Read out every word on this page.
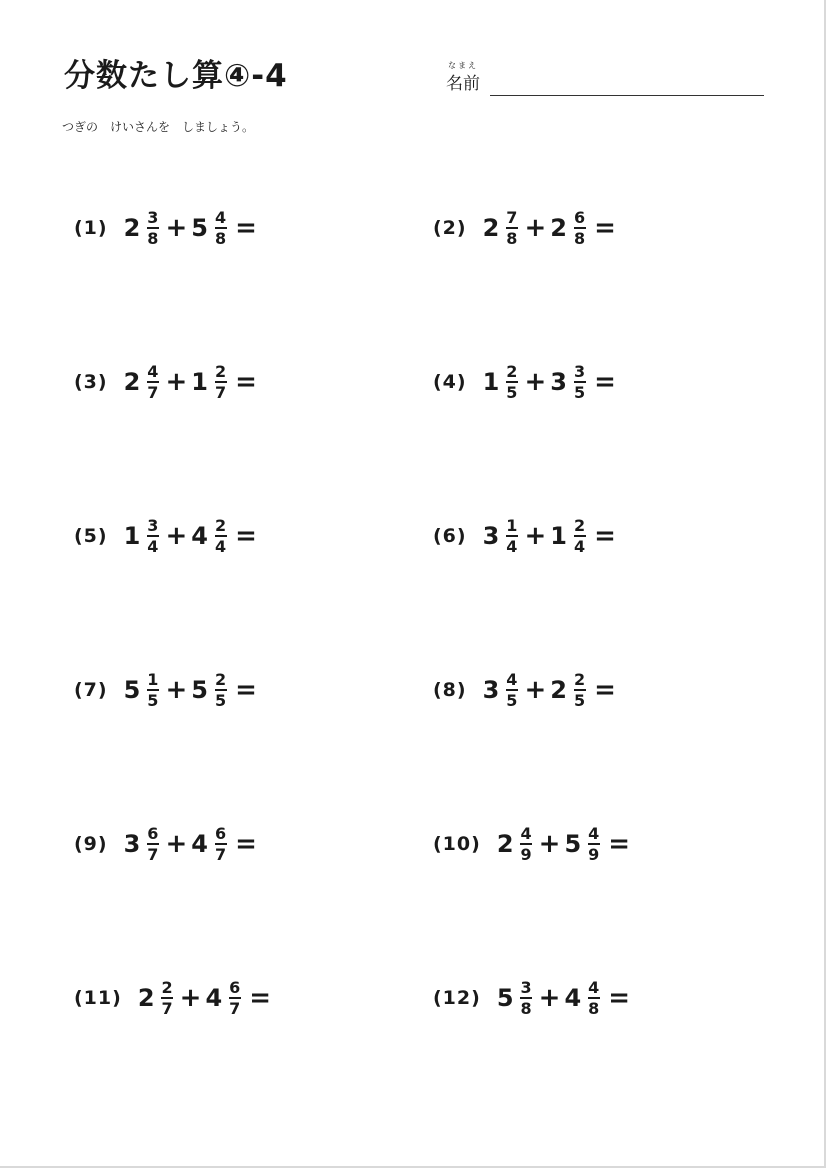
分数たし算④-4	なまえ
名前
つぎの　けいさんを　しましょう。
(1) $2 \frac{3}{8} + 5 \frac{4}{8}$ =	(2) $2 \frac{7}{8} + 2 \frac{6}{8}$ =
(3) $2 \frac{4}{7} + 1 \frac{2}{7}$ =	(4) $1 \frac{2}{5} + 3 \frac{3}{5}$ =
(5) $1 \frac{3}{4} + 4 \frac{2}{4}$ =	(6) $3 \frac{1}{4} + 1 \frac{2}{4}$ =
(7) $5 \frac{1}{5} + 5 \frac{2}{5}$ =	(8) $3 \frac{4}{5} + 2 \frac{2}{5}$ =
(9) $3 \frac{6}{7} + 4 \frac{6}{7}$ =	(10) $2 \frac{4}{9} + 5 \frac{4}{9}$ =
(11) $2 \frac{2}{7} + 4 \frac{6}{7}$ =	(12) $5 \frac{3}{8} + 4 \frac{4}{8}$ =
